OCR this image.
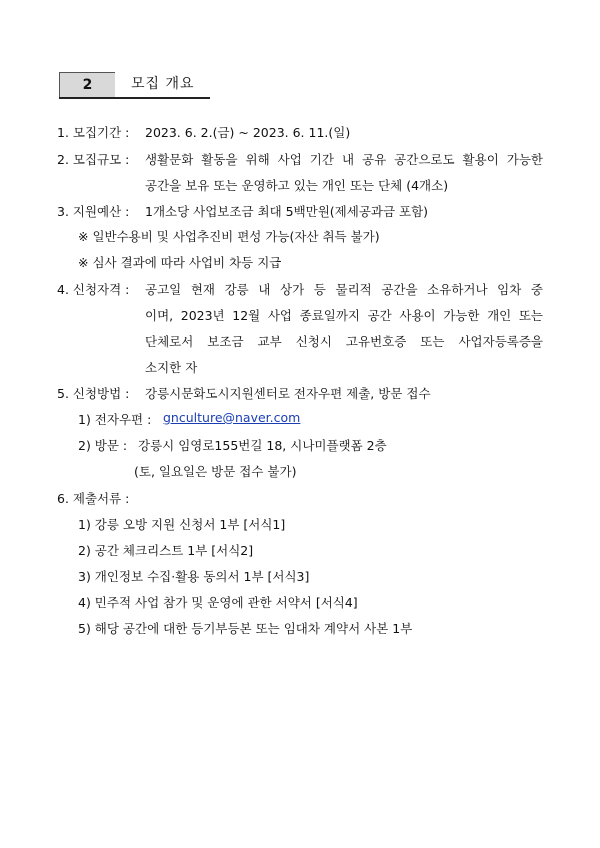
2	모집 개요
1. 모집기간 : 2023. 6. 2.(금) ~ 2023. 6. 11.(일)
2. 모집규모 : 생활문화 활동을 위해 사업 기간 내 공유 공간으로도 활용이 가능한
공간을 보유 또는 운영하고 있는 개인 또는 단체 (4개소)
3. 지원예산 : 1개소당 사업보조금 최대 5백만원(제세공과금 포함)
※ 일반수용비 및 사업추진비 편성 가능(자산 취득 불가)
※ 심사 결과에 따라 사업비 차등 지급
4. 신청자격 : 공고일 현재 강릉 내 상가 등 물리적 공간을 소유하거나 임차 중
이며, 2023년 12월 사업 종료일까지 공간 사용이 가능한 개인 또는
단체로서 보조금 교부 신청시 고유번호증 또는 사업자등록증을
소지한 자
5. 신청방법 : 강릉시문화도시지원센터로 전자우편 제출, 방문 접수
1) 전자우편 : gnculture@naver.com
2) 방문 : 강릉시 임영로155번길 18, 시나미플랫폼 2층
(토, 일요일은 방문 접수 불가)
6. 제출서류 :
1) 강릉 오방 지원 신청서 1부 [서식1]
2) 공간 체크리스트 1부 [서식2]
3) 개인정보 수집·활용 동의서 1부 [서식3]
4) 민주적 사업 참가 및 운영에 관한 서약서 [서식4]
5) 해당 공간에 대한 등기부등본 또는 임대차 계약서 사본 1부
